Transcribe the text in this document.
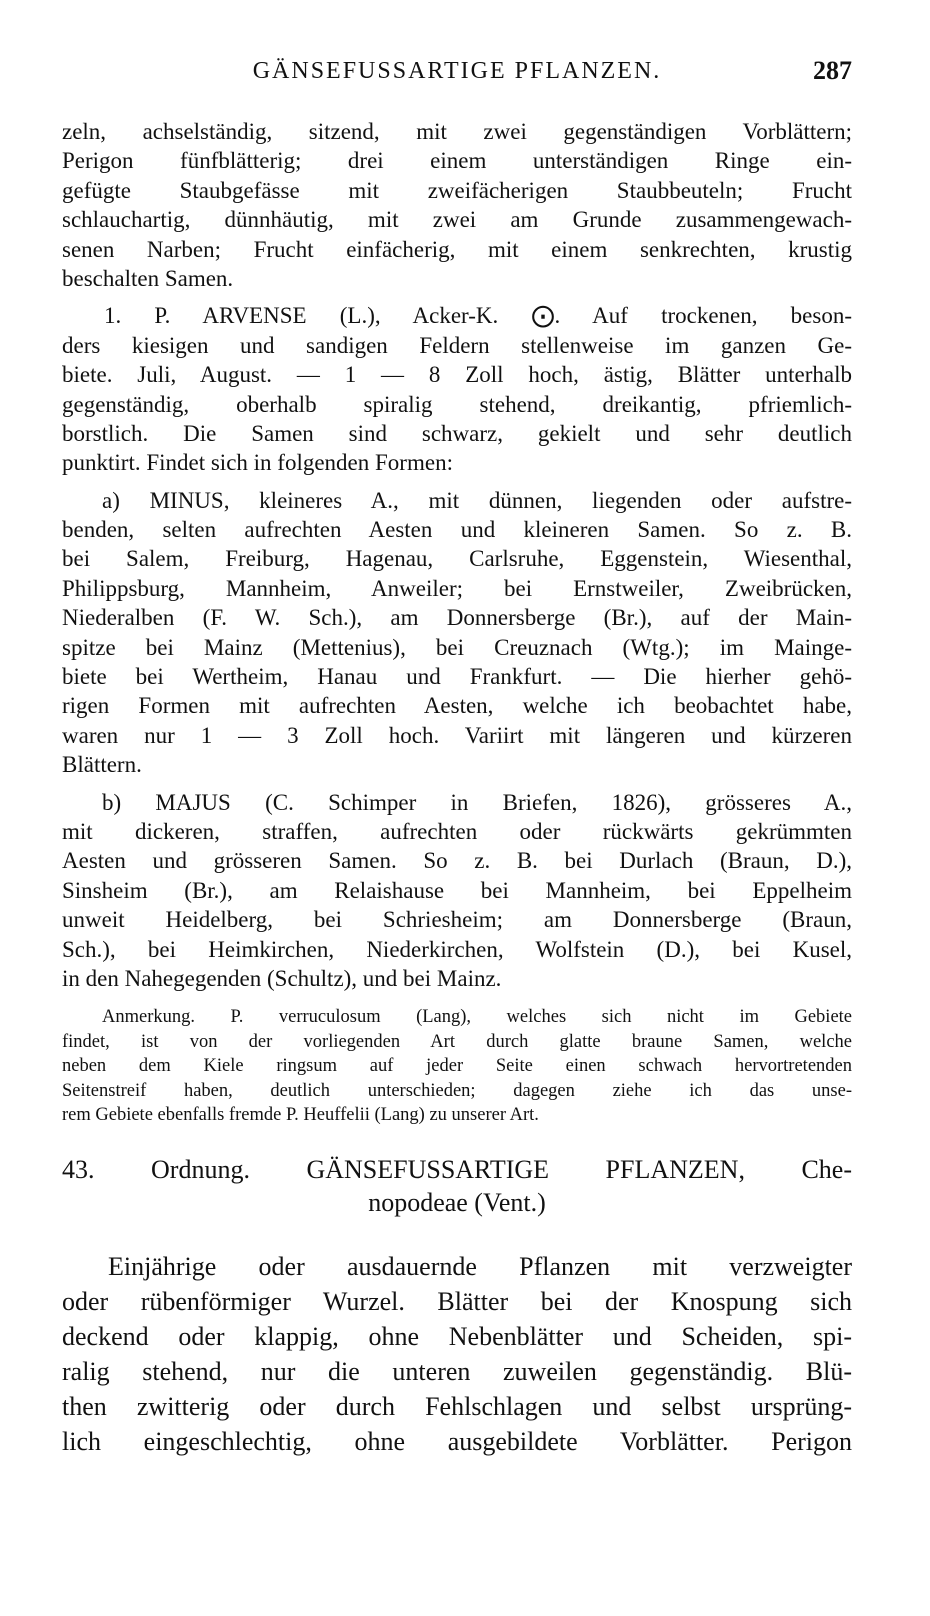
GÄNSEFUSSARTIGE PFLANZEN.	287
zeln, achselständig, sitzend, mit zwei gegenständigen Vorblättern;
Perigon fünfblätterig; drei einem unterständigen Ringe ein-
gefügte Staubgefässe mit zweifächerigen Staubbeuteln; Frucht
schlauchartig, dünnhäutig, mit zwei am Grunde zusammengewach-
senen Narben; Frucht einfächerig, mit einem senkrechten, krustig
beschalten Samen.
1. P. ARVENSE (L.), Acker-K. ⨀. Auf trockenen, beson-
ders kiesigen und sandigen Feldern stellenweise im ganzen Ge-
biete. Juli, August. — 1 — 8 Zoll hoch, ästig, Blätter unterhalb
gegenständig, oberhalb spiralig stehend, dreikantig, pfriemlich-
borstlich. Die Samen sind schwarz, gekielt und sehr deutlich
punktirt. Findet sich in folgenden Formen:
a) MINUS, kleineres A., mit dünnen, liegenden oder aufstre-
benden, selten aufrechten Aesten und kleineren Samen. So z. B.
bei Salem, Freiburg, Hagenau, Carlsruhe, Eggenstein, Wiesenthal,
Philippsburg, Mannheim, Anweiler; bei Ernstweiler, Zweibrücken,
Niederalben (F. W. Sch.), am Donnersberge (Br.), auf der Main-
spitze bei Mainz (Mettenius), bei Creuznach (Wtg.); im Mainge-
biete bei Wertheim, Hanau und Frankfurt. — Die hierher gehö-
rigen Formen mit aufrechten Aesten, welche ich beobachtet habe,
waren nur 1 — 3 Zoll hoch. Variirt mit längeren und kürzeren
Blättern.
b) MAJUS (C. Schimper in Briefen, 1826), grösseres A.,
mit dickeren, straffen, aufrechten oder rückwärts gekrümmten
Aesten und grösseren Samen. So z. B. bei Durlach (Braun, D.),
Sinsheim (Br.), am Relaishause bei Mannheim, bei Eppelheim
unweit Heidelberg, bei Schriesheim; am Donnersberge (Braun,
Sch.), bei Heimkirchen, Niederkirchen, Wolfstein (D.), bei Kusel,
in den Nahegegenden (Schultz), und bei Mainz.
Anmerkung. P. verruculosum (Lang), welches sich nicht im Gebiete
findet, ist von der vorliegenden Art durch glatte braune Samen, welche
neben dem Kiele ringsum auf jeder Seite einen schwach hervortretenden
Seitenstreif haben, deutlich unterschieden; dagegen ziehe ich das unse-
rem Gebiete ebenfalls fremde P. Heuffelii (Lang) zu unserer Art.
43. Ordnung. GÄNSEFUSSARTIGE PFLANZEN, Che-
nopodeae (Vent.)
Einjährige oder ausdauernde Pflanzen mit verzweigter
oder rübenförmiger Wurzel. Blätter bei der Knospung sich
deckend oder klappig, ohne Nebenblätter und Scheiden, spi-
ralig stehend, nur die unteren zuweilen gegenständig. Blü-
then zwitterig oder durch Fehlschlagen und selbst ursprüng-
lich eingeschlechtig, ohne ausgebildete Vorblätter. Perigon
